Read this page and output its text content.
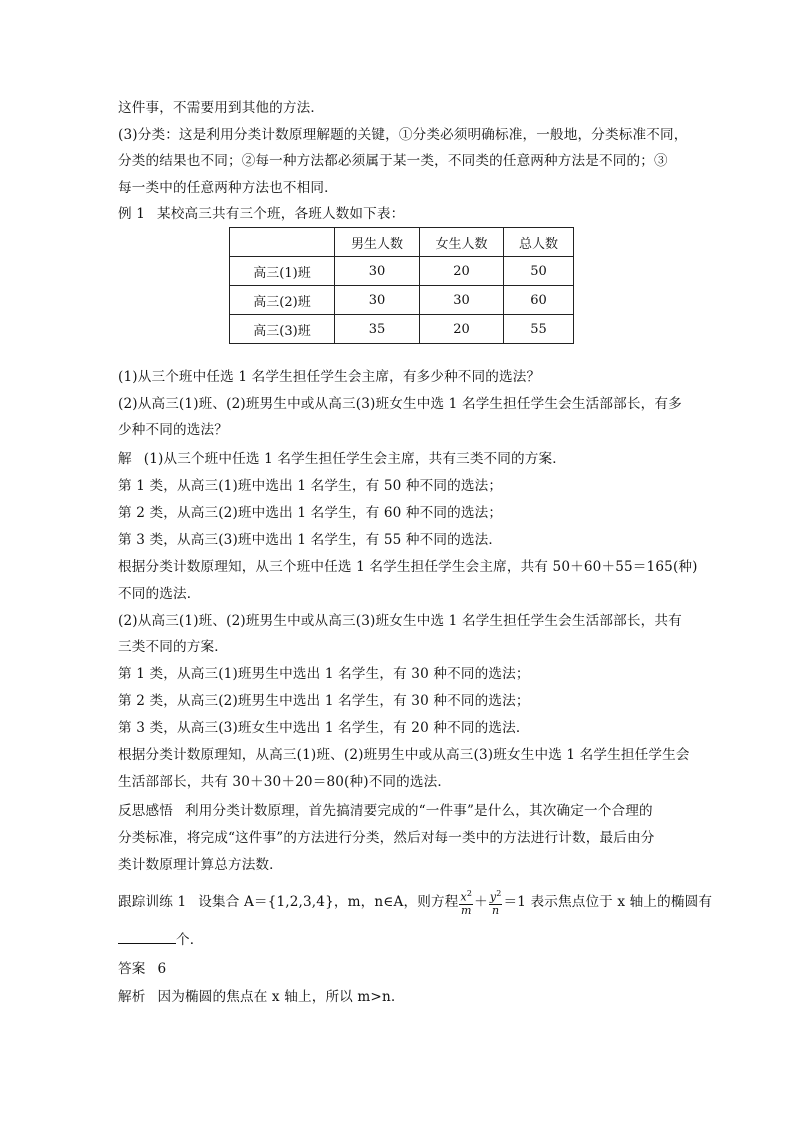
这件事，不需要用到其他的方法．
(3)分类：这是利用分类计数原理解题的关键，①分类必须明确标准，一般地，分类标准不同，
分类的结果也不同；②每一种方法都必须属于某一类，不同类的任意两种方法是不同的；③
每一类中的任意两种方法也不相同．
例 1 某校高三共有三个班，各班人数如下表：
	男生人数	女生人数	总人数
高三(1)班	30	20	50
高三(2)班	30	30	60
高三(3)班	35	20	55
(1)从三个班中任选 1 名学生担任学生会主席，有多少种不同的选法？
(2)从高三(1)班、(2)班男生中或从高三(3)班女生中选 1 名学生担任学生会生活部部长，有多
少种不同的选法？
解 (1)从三个班中任选 1 名学生担任学生会主席，共有三类不同的方案．
第 1 类，从高三(1)班中选出 1 名学生，有 50 种不同的选法；
第 2 类，从高三(2)班中选出 1 名学生，有 60 种不同的选法；
第 3 类，从高三(3)班中选出 1 名学生，有 55 种不同的选法．
根据分类计数原理知，从三个班中任选 1 名学生担任学生会主席，共有 50＋60＋55＝165(种)
不同的选法．
(2)从高三(1)班、(2)班男生中或从高三(3)班女生中选 1 名学生担任学生会生活部部长，共有
三类不同的方案．
第 1 类，从高三(1)班男生中选出 1 名学生，有 30 种不同的选法；
第 2 类，从高三(2)班男生中选出 1 名学生，有 30 种不同的选法；
第 3 类，从高三(3)班女生中选出 1 名学生，有 20 种不同的选法．
根据分类计数原理知，从高三(1)班、(2)班男生中或从高三(3)班女生中选 1 名学生担任学生会
生活部部长，共有 30＋30＋20＝80(种)不同的选法．
反思感悟 利用分类计数原理，首先搞清要完成的“一件事”是什么，其次确定一个合理的
分类标准，将完成“这件事”的方法进行分类，然后对每一类中的方法进行计数，最后由分
类计数原理计算总方法数．
跟踪训练 1 设集合 A＝{1,2,3,4}，m，n∈A，则方程 $\frac{x^2}{m} + \frac{y^2}{n} =1$ 表示焦点位于 x 轴上的椭圆有
个．
答案 6
解析 因为椭圆的焦点在 x 轴上，所以 m>n.
